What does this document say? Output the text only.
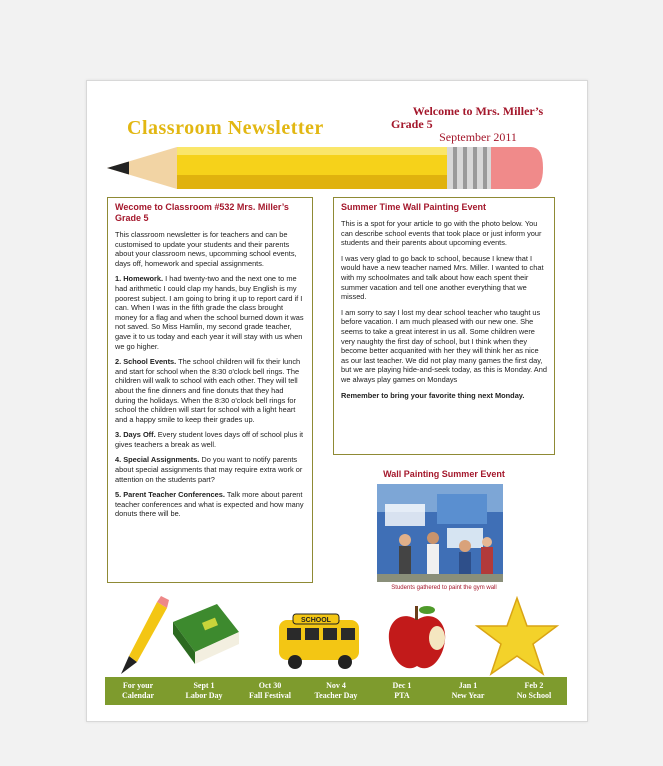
Classroom Newsletter
Welcome to Mrs. Miller’s
Grade 5
September 2011
Wecome to Classroom #532 Mrs. Miller’s Grade 5

This classroom newsletter is for teachers and can be customised to update your students and their parents about your classroom news, upcomming school events, days off, homework and special assignments.

1. Homework. I had twenty-two and the next one to me had arithmetic I could clap my hands, buy English is my poorest subject. I am going to bring it up to report card if I can. When I was in the fifth grade the class brought money for a flag and when the school burned down it was not saved. So Miss Hamlin, my second grade teacher, gave it to us today and each year it will stay with us when we go higher.

2. School Events. The school children will fix their lunch and start for school when the 8:30 o'clock bell rings. The children will walk to school with each other. They will tell about the fine dinners and fine donuts that they had during the holidays. When the 8:30 o'clock bell rings for school the children will start for school with a light heart and a happy smile to keep their grades up.

3. Days Off. Every student loves days off of school plus it gives teachers a break as well.

4. Special Assignments. Do you want to notify parents about special assignments that may require extra work or attention on the students part?

5. Parent Teacher Conferences. Talk more about parent teacher conferences and what is expected and how many donuts there will be.

Summer Time Wall Painting Event

This is a spot for your article to go with the photo below. You can describe school events that took place or just inform your students and their parents about upcoming events.

I was very glad to go back to school, because I knew that I would have a new teacher named Mrs. Miller. I wanted to chat with my schoolmates and talk about how each spent their summer vacation and tell one another everything that we missed.

I am sorry to say I lost my dear school teacher who taught us before vacation. I am much pleased with our new one. She seems to take a great interest in us all. Some children were very naughty the first day of school, but I think when they become better acquanited with her they will think her as nice as our last teacher. We did not play many games the first day, but we are playing hide-and-seek today, as this is Monday. And we always play games on Mondays

Remember to bring your favorite thing next Monday.

Wall Painting Summer Event
Students gathered to paint the gym wall
SCHOOL
For your
Calendar
Sept 1
Labor Day
Oct 30
Fall Festival
Nov 4
Teacher Day
Dec 1
PTA
Jan 1
New Year
Feb 2
No School
